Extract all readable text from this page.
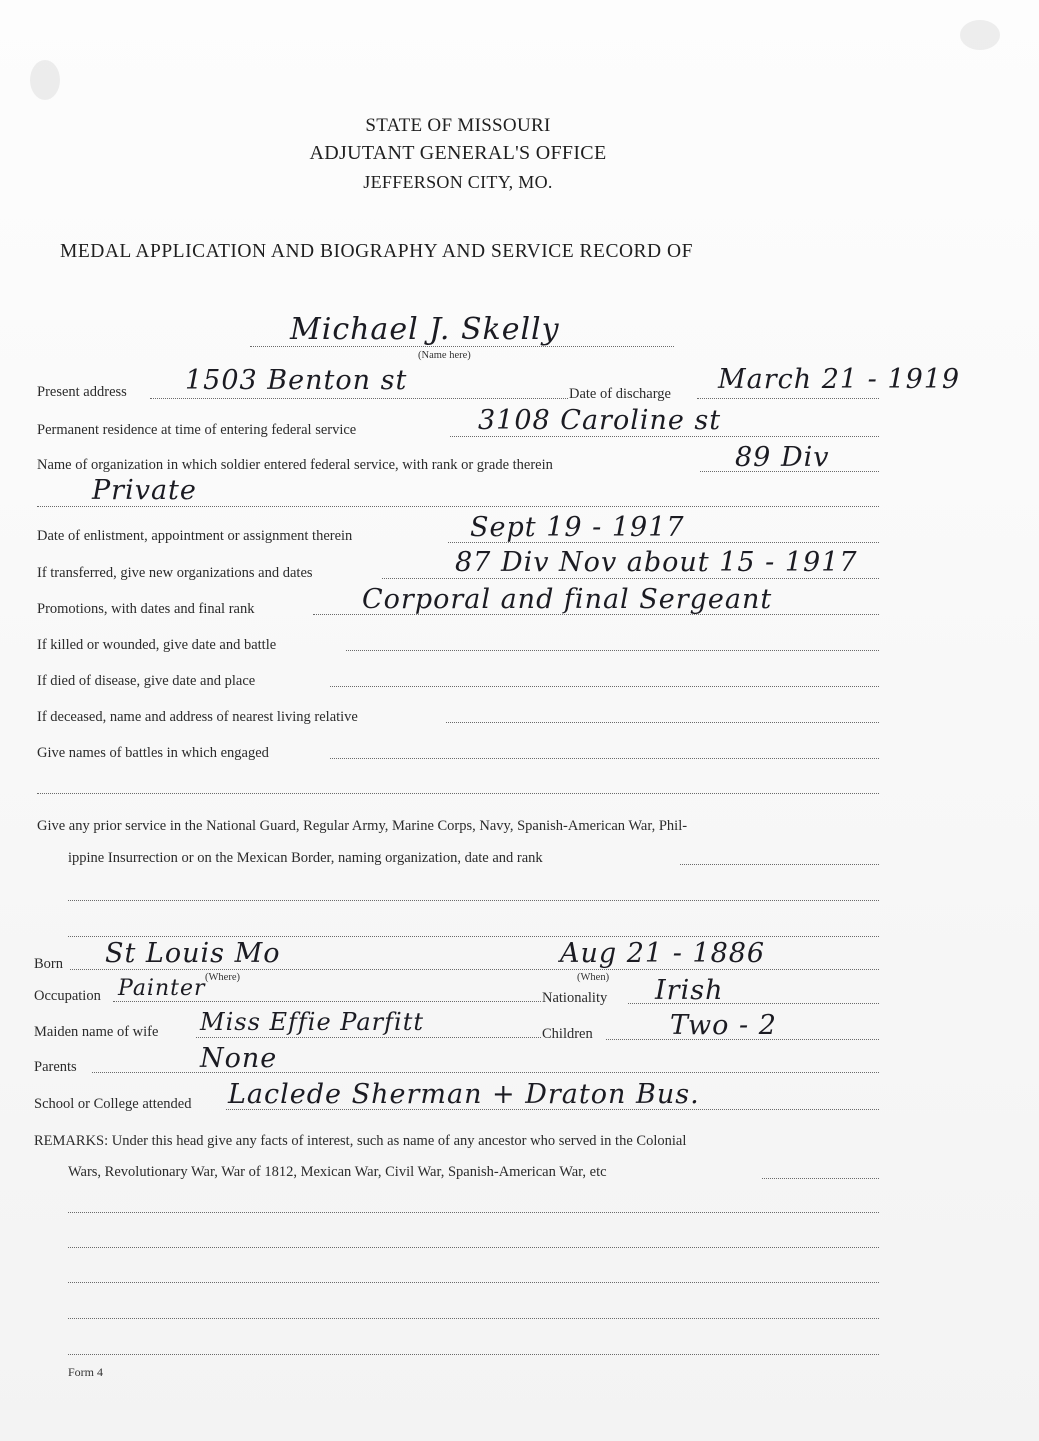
STATE OF MISSOURI
ADJUTANT GENERAL'S OFFICE
JEFFERSON CITY, MO.
MEDAL APPLICATION AND BIOGRAPHY AND SERVICE RECORD OF
Michael J. Skelly
(Name here)
Present address 1503 Benton st	Date of discharge March 21 - 1919
Permanent residence at time of entering federal service	3108 Caroline st
Name of organization in which soldier entered federal service, with rank or grade therein	89 Div
Private
Date of enlistment, appointment or assignment therein	Sept 19 - 1917
If transferred, give new organizations and dates	87 Div Nov about 15 - 1917
Promotions, with dates and final rank	Corporal and final Sergeant
If killed or wounded, give date and battle
If died of disease, give date and place
If deceased, name and address of nearest living relative
Give names of battles in which engaged
Give any prior service in the National Guard, Regular Army, Marine Corps, Navy, Spanish-American War, Phil-
ippine Insurrection or on the Mexican Border, naming organization, date and rank
Born St Louis Mo	Aug 21 - 1886
(Where)	(When)
Occupation Painter	Nationality Irish
Maiden name of wife Miss Effie Parfitt	Children	Two - 2
Parents	None
School or College attended Laclede Sherman + Draton Bus.
REMARKS: Under this head give any facts of interest, such as name of any ancestor who served in the Colonial
Wars, Revolutionary War, War of 1812, Mexican War, Civil War, Spanish-American War, etc
Form 4
